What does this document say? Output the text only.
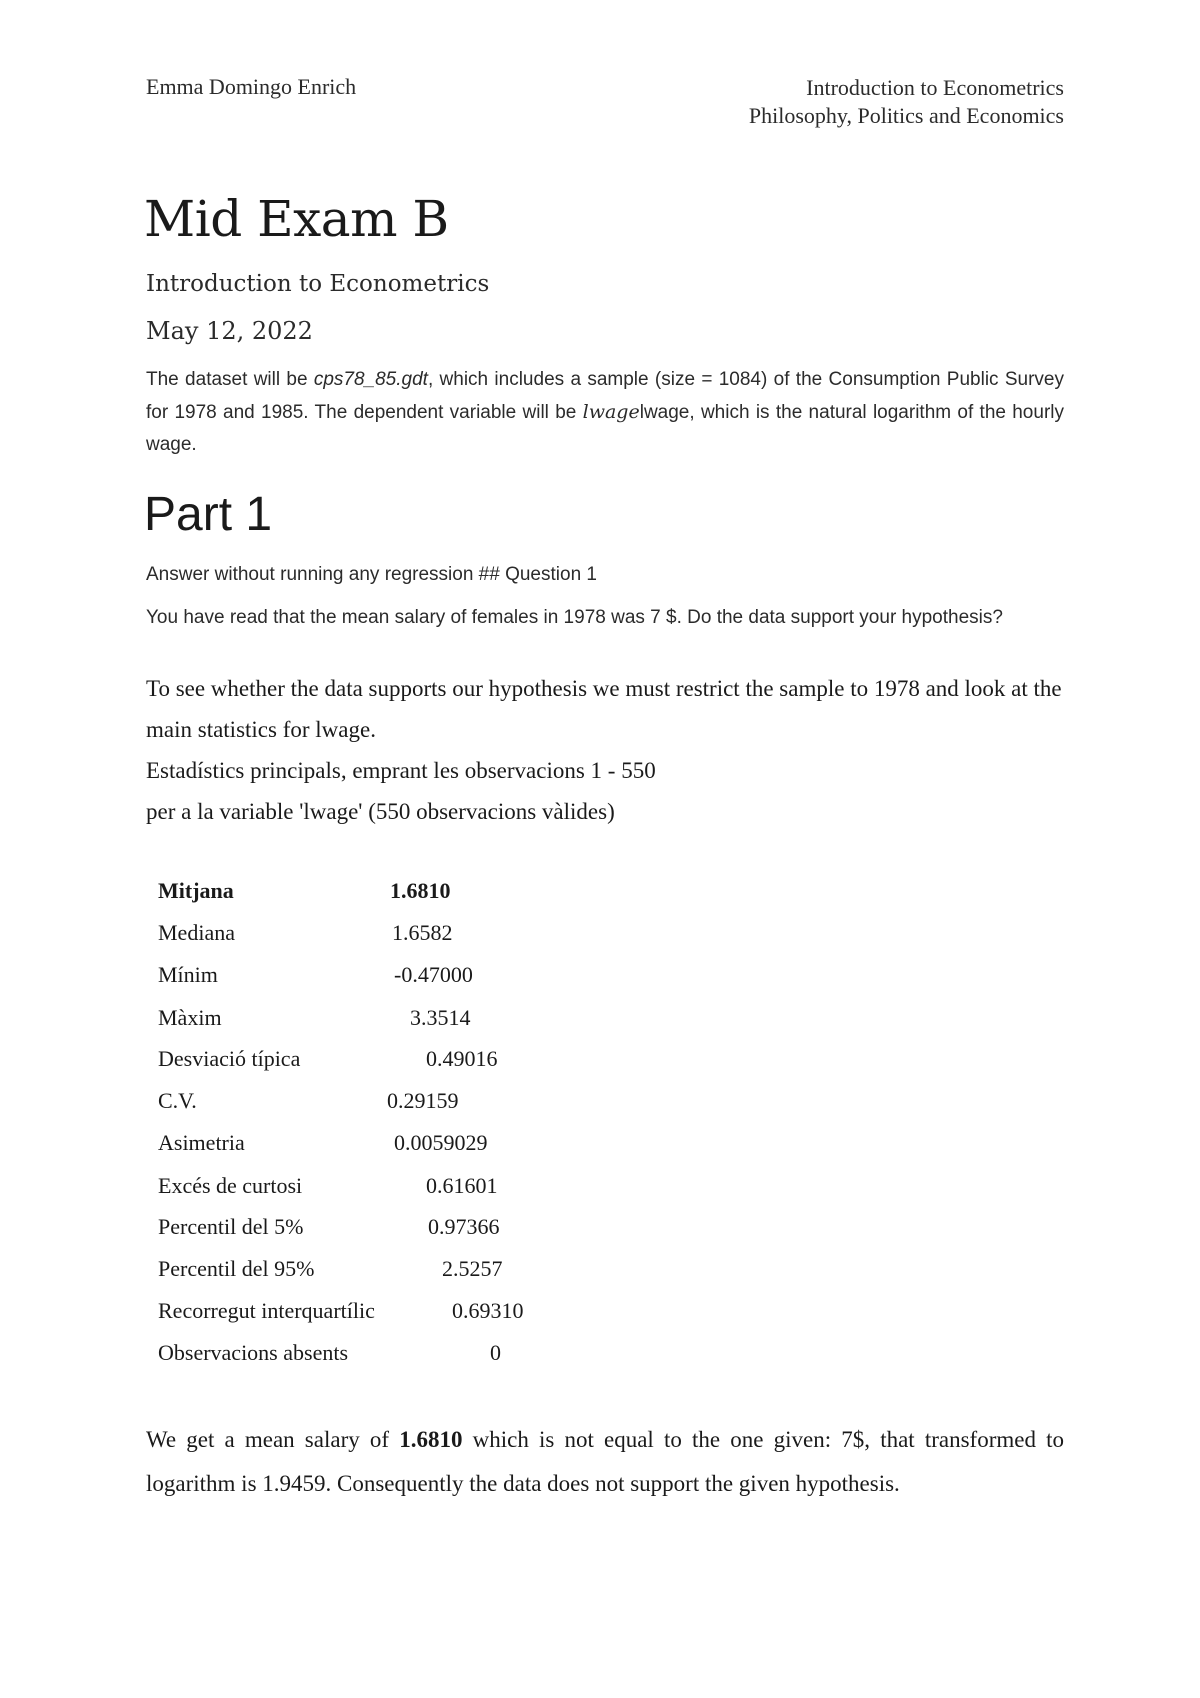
Emma Domingo Enrich	Introduction to Econometrics
Philosophy, Politics and Economics
Mid Exam B
Introduction to Econometrics
May 12, 2022
The dataset will be cps78_85.gdt, which includes a sample (size = 1084) of the Consumption Public Survey for 1978 and 1985. The dependent variable will be lwagelwage, which is the natural logarithm of the hourly wage.
Part 1
Answer without running any regression ## Question 1
You have read that the mean salary of females in 1978 was 7 $. Do the data support your hypothesis?

To see whether the data supports our hypothesis we must restrict the sample to 1978 and look at the main statistics for lwage.

Estadístics principals, emprant les observacions 1 - 550

per a la variable 'lwage' (550 observacions vàlides)

Mitjana	1.6810
Mediana	1.6582
Mínim	-0.47000
Màxim	3.3514
Desviació típica	0.49016
C.V.	0.29159
Asimetria	0.0059029
Excés de curtosi	0.61601
Percentil del 5%	0.97366
Percentil del 95%	2.5257
Recorregut interquartílic	0.69310
Observacions absents	0
We get a mean salary of 1.6810 which is not equal to the one given: 7$, that transformed to logarithm is 1.9459. Consequently the data does not support the given hypothesis.
